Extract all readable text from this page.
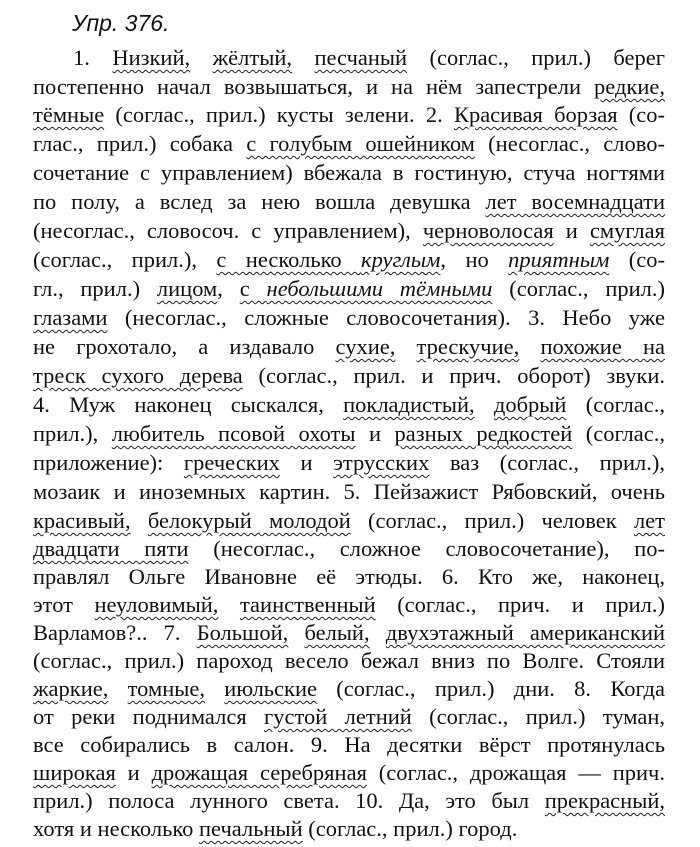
Упр. 376.
1. Низкий, жёлтый, песчаный (соглас., прил.) берег
постепенно начал возвышаться, и на нём запестрели редкие,
тёмные (соглас., прил.) кусты зелени. 2. Красивая борзая (со-
глас., прил.) собака с голубым ошейником (несоглас., слово-
сочетание с управлением) вбежала в гостиную, стуча ногтями
по полу, а вслед за нею вошла девушка лет восемнадцати
(несоглас., словосоч. с управлением), черноволосая и смуглая
(соглас., прил.), с несколько круглым, но приятным (со-
гл., прил.) лицом, с небольшими тёмными (соглас., прил.)
глазами (несоглас., сложные словосочетания). 3. Небо уже
не грохотало, а издавало сухие, трескучие, похожие на
треск сухого дерева (соглас., прил. и прич. оборот) звуки.
4. Муж наконец сыскался, покладистый, добрый (соглас.,
прил.), любитель псовой охоты и разных редкостей (соглас.,
приложение): греческих и этрусских ваз (соглас., прил.),
мозаик и иноземных картин. 5. Пейзажист Рябовский, очень
красивый, белокурый молодой (соглас., прил.) человек лет
двадцати пяти (несоглас., сложное словосочетание), по-
правлял Ольге Ивановне её этюды. 6. Кто же, наконец,
этот неуловимый, таинственный (соглас., прич. и прил.)
Варламов?.. 7. Большой, белый, двухэтажный американский
(соглас., прил.) пароход весело бежал вниз по Волге. Стояли
жаркие, томные, июльские (соглас., прил.) дни. 8. Когда
от реки поднимался густой летний (соглас., прил.) туман,
все собирались в салон. 9. На десятки вёрст протянулась
широкая и дрожащая серебряная (соглас., дрожащая — прич.
прил.) полоса лунного света. 10. Да, это был прекрасный,
хотя и несколько печальный (соглас., прил.) город.
